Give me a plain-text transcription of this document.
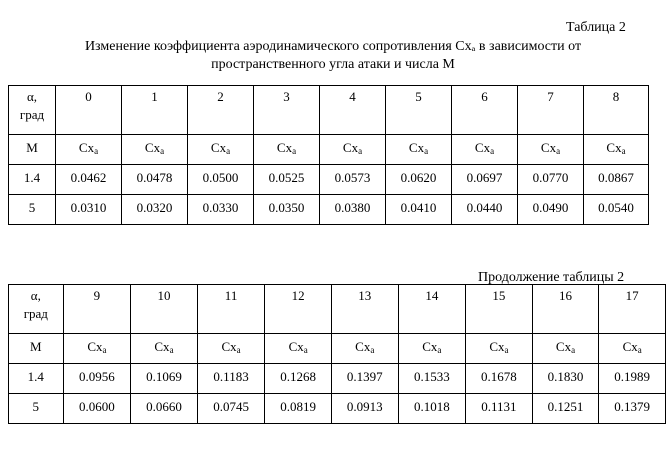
Таблица 2
Изменение коэффициента аэродинамического сопротивления Cxₐ в зависимости от
пространственного угла атаки и числа М
α,
град	0	1	2	3	4	5	6	7	8

М	$Cx_a$	$Cx_a$	$Cx_a$	$Cx_a$	$Cx_a$	$Cx_a$	$Cx_a$	$Cx_a$	$Cx_a$

1.4	0.0462	0.0478	0.0500	0.0525	0.0573	0.0620	0.0697	0.0770	0.0867

5	0.0310	0.0320	0.0330	0.0350	0.0380	0.0410	0.0440	0.0490	0.0540
Продолжение таблицы 2
α,
град	9	10	11	12	13	14	15	16	17

М	$Cx_a$	$Cx_a$	$Cx_a$	$Cx_a$	$Cx_a$	$Cx_a$	$Cx_a$	$Cx_a$	$Cx_a$

1.4	0.0956	0.1069	0.1183	0.1268	0.1397	0.1533	0.1678	0.1830	0.1989

5	0.0600	0.0660	0.0745	0.0819	0.0913	0.1018	0.1131	0.1251	0.1379
